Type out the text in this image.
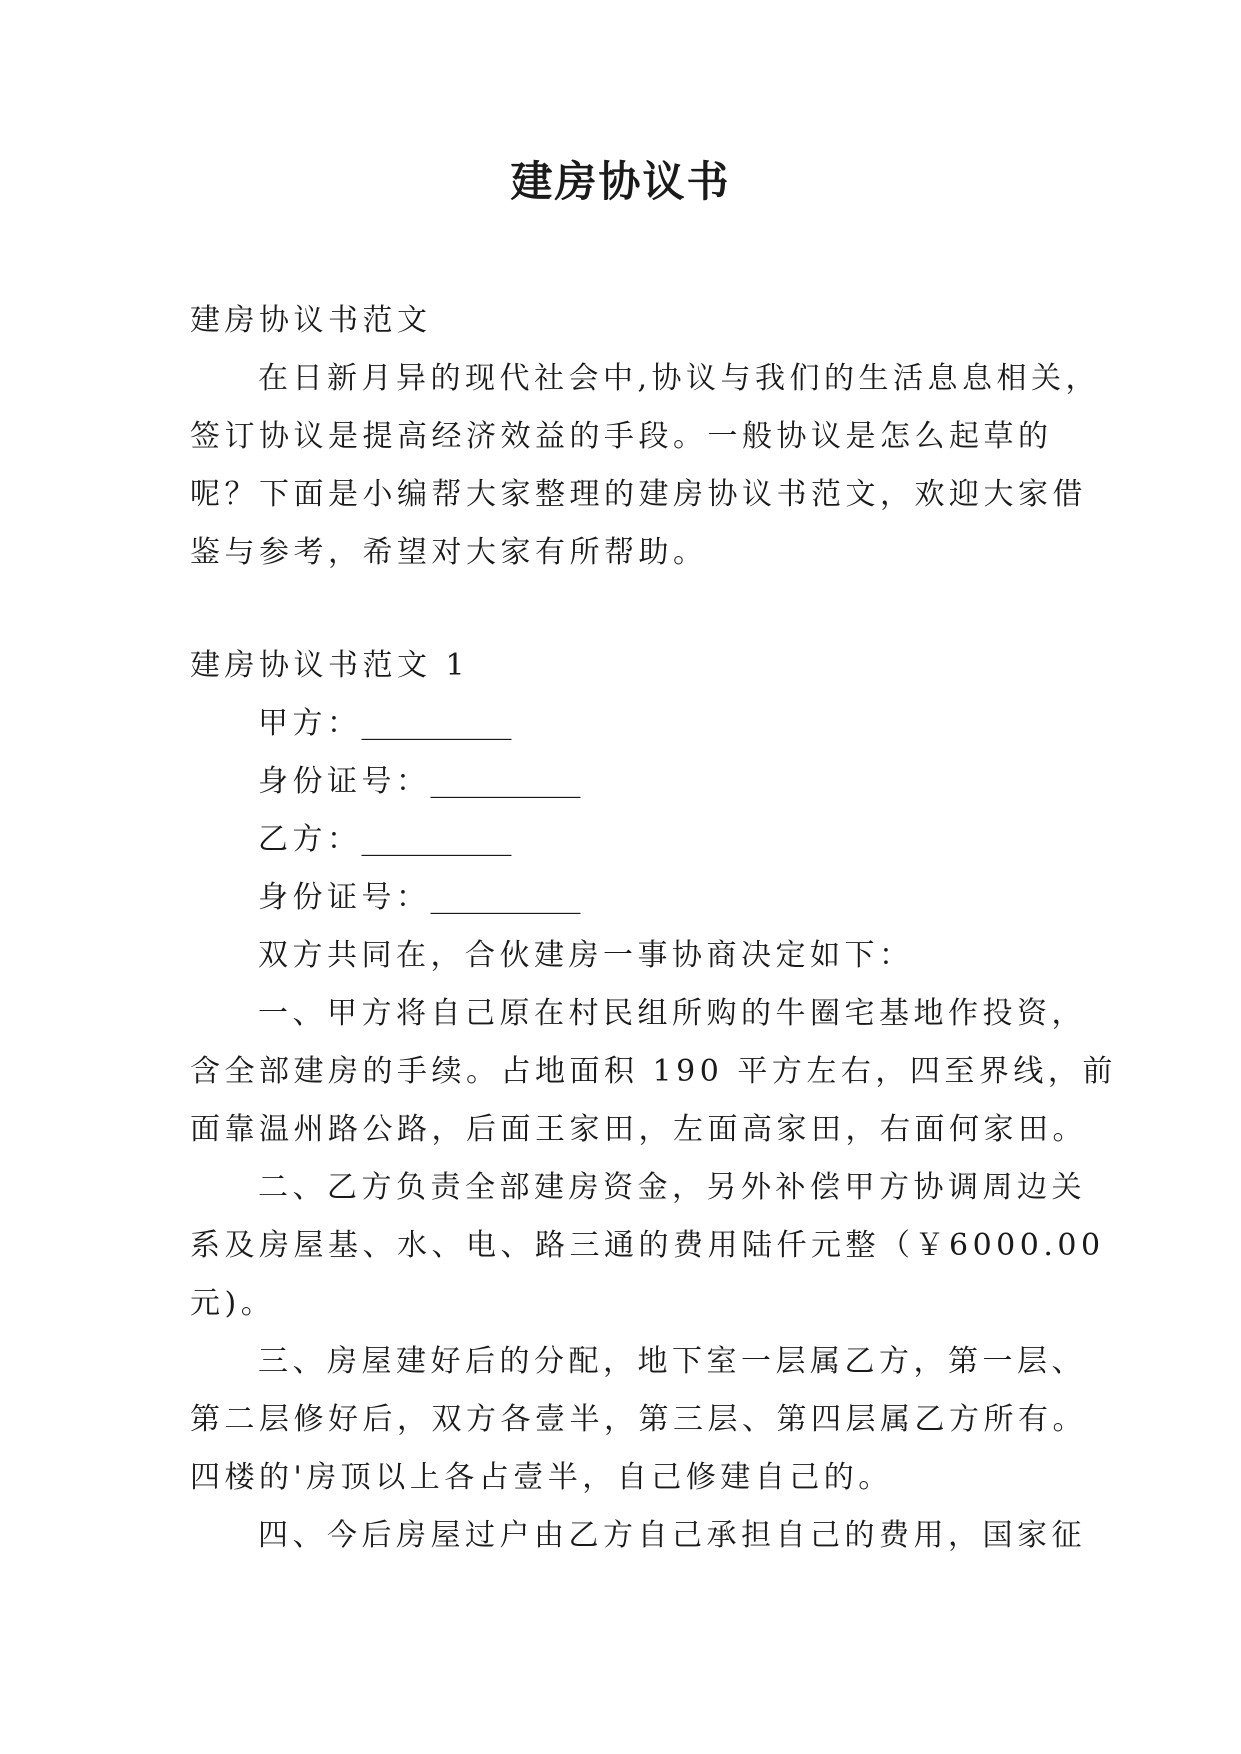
建房协议书

建房协议书范文

在日新月异的现代社会中,协议与我们的生活息息相关，

签订协议是提高经济效益的手段。一般协议是怎么起草的

呢？下面是小编帮大家整理的建房协议书范文，欢迎大家借

鉴与参考，希望对大家有所帮助。

建房协议书范文 1

甲方：__________

身份证号：__________

乙方：__________

身份证号：__________

双方共同在，合伙建房一事协商决定如下：

一、甲方将自己原在村民组所购的牛圈宅基地作投资，

含全部建房的手续。占地面积 190 平方左右，四至界线，前

面靠温州路公路，后面王家田，左面高家田，右面何家田。

二、乙方负责全部建房资金，另外补偿甲方协调周边关

系及房屋基、水、电、路三通的费用陆仟元整（￥6000.00

元)。

三、房屋建好后的分配，地下室一层属乙方，第一层、

第二层修好后，双方各壹半，第三层、第四层属乙方所有。

四楼的'房顶以上各占壹半，自己修建自己的。

四、今后房屋过户由乙方自己承担自己的费用，国家征
